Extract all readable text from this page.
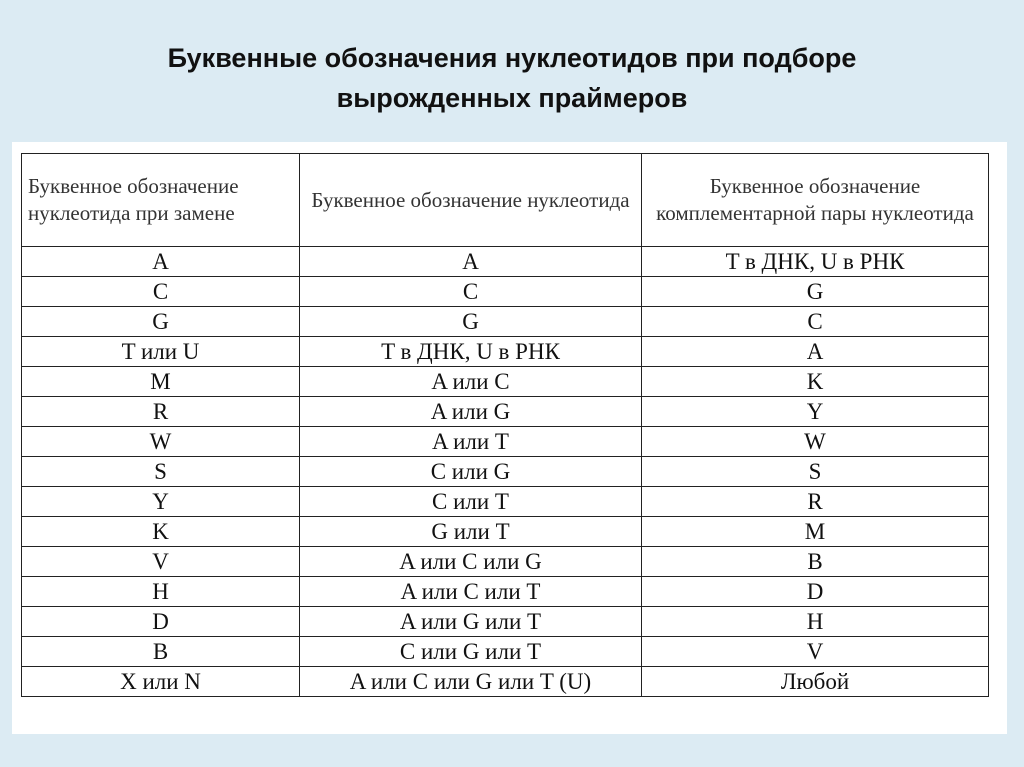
Буквенные обозначения нуклеотидов при подборе
вырожденных праймеров
Буквенное обозначение нуклеотида при замене	Буквенное обозначение нуклеотида	Буквенное обозначение комплементарной пары нуклеотида
A	A	T в ДНК, U в РНК
C	C	G
G	G	C
T или U	T в ДНК, U в РНК	A
M	A или C	K
R	A или G	Y
W	A или T	W
S	C или G	S
Y	C или T	R
K	G или T	M
V	A или C или G	B
H	A или C или T	D
D	A или G или T	H
B	C или G или T	V
X или N	A или C или G или T (U)	Любой
